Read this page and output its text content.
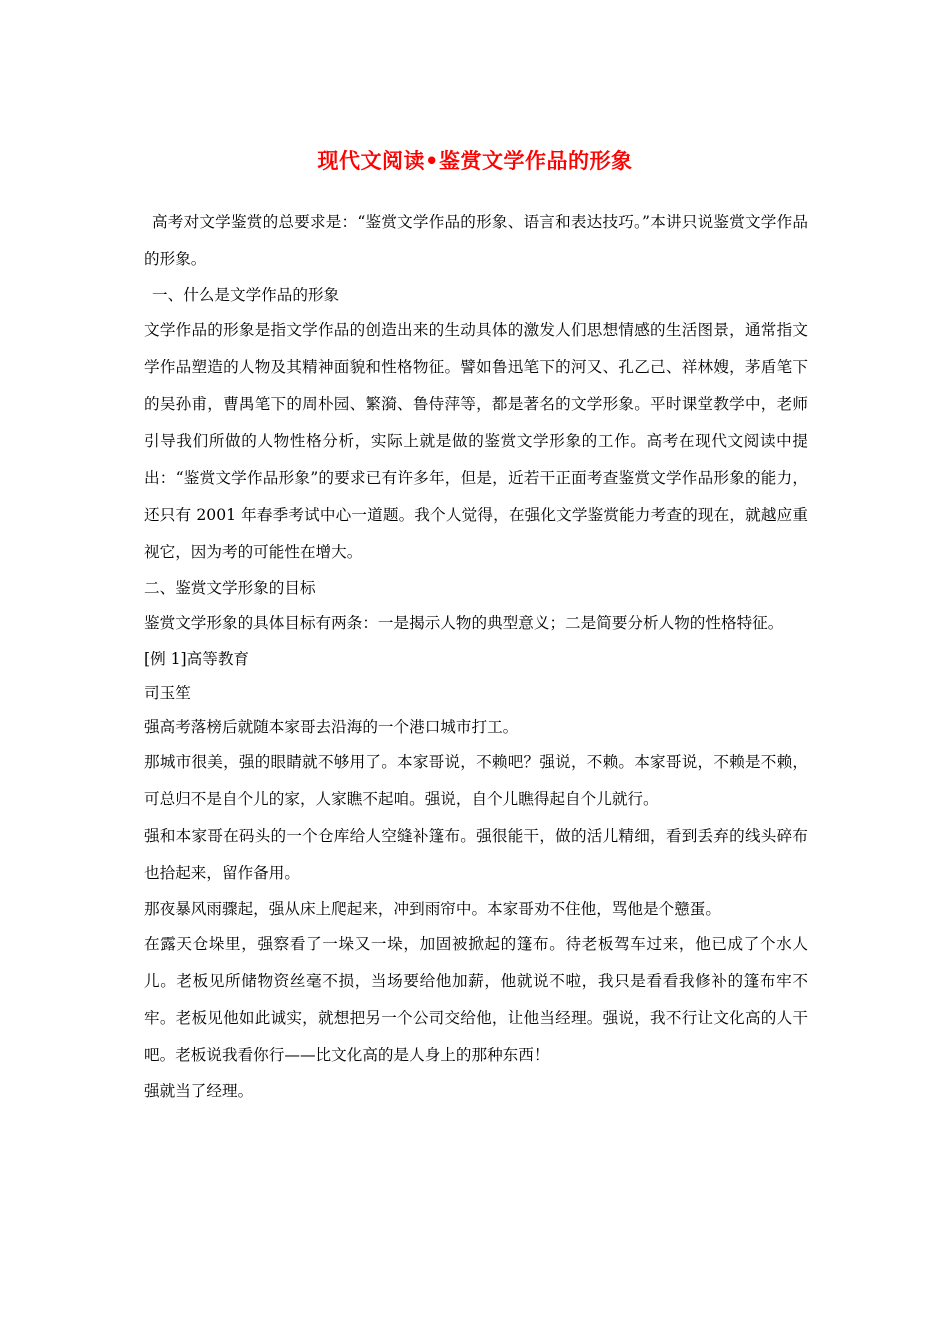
现代文阅读•鉴赏文学作品的形象

高考对文学鉴赏的总要求是：“鉴赏文学作品的形象、语言和表达技巧。”本讲只说鉴赏文学作品的形象。

一、什么是文学作品的形象

文学作品的形象是指文学作品的创造出来的生动具体的激发人们思想情感的生活图景，通常指文学作品塑造的人物及其精神面貌和性格物征。譬如鲁迅笔下的河又、孔乙己、祥林嫂，茅盾笔下的吴孙甫，曹禺笔下的周朴园、繁漪、鲁侍萍等，都是著名的文学形象。平时课堂教学中，老师引导我们所做的人物性格分析，实际上就是做的鉴赏文学形象的工作。高考在现代文阅读中提出：“鉴赏文学作品形象”的要求已有许多年，但是，近若干正面考查鉴赏文学作品形象的能力，还只有 2001 年春季考试中心一道题。我个人觉得，在强化文学鉴赏能力考查的现在，就越应重视它，因为考的可能性在增大。

二、鉴赏文学形象的目标

鉴赏文学形象的具体目标有两条：一是揭示人物的典型意义；二是简要分析人物的性格特征。

[例 1]高等教育

司玉笙

强高考落榜后就随本家哥去沿海的一个港口城市打工。

那城市很美，强的眼睛就不够用了。本家哥说，不赖吧？强说，不赖。本家哥说，不赖是不赖，可总归不是自个儿的家，人家瞧不起咱。强说，自个儿瞧得起自个儿就行。

强和本家哥在码头的一个仓库给人空缝补篷布。强很能干，做的活儿精细，看到丢弃的线头碎布也拾起来，留作备用。

那夜暴风雨骤起，强从床上爬起来，冲到雨帘中。本家哥劝不住他，骂他是个戆蛋。

在露天仓垛里，强察看了一垛又一垛，加固被掀起的篷布。待老板驾车过来，他已成了个水人儿。老板见所储物资丝毫不损，当场要给他加薪，他就说不啦，我只是看看我修补的篷布牢不牢。老板见他如此诚实，就想把另一个公司交给他，让他当经理。强说，我不行让文化高的人干吧。老板说我看你行——比文化高的是人身上的那种东西！

强就当了经理。
